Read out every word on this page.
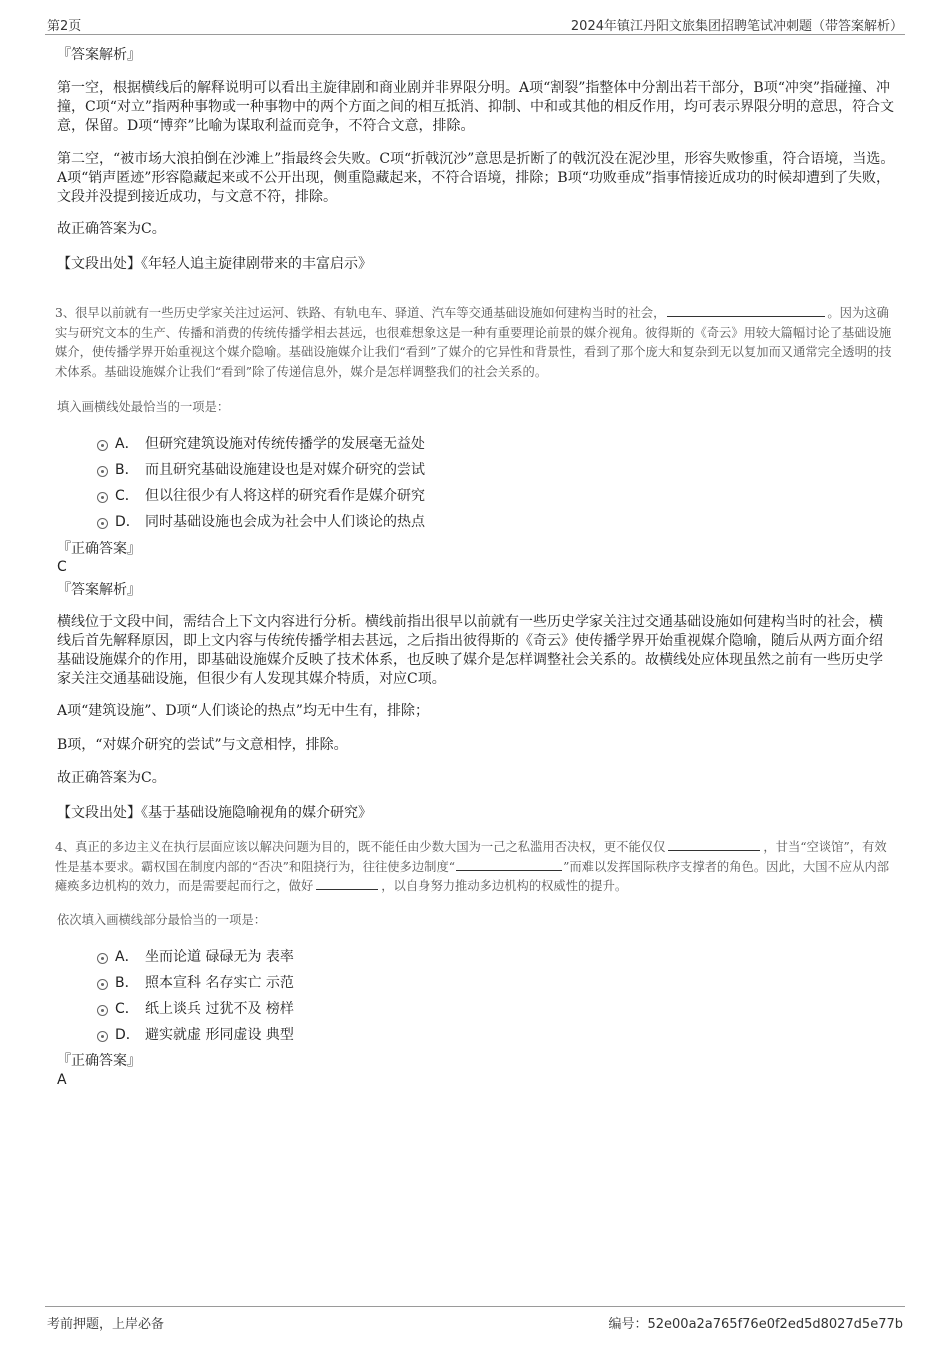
第2页	2024年镇江丹阳文旅集团招聘笔试冲刺题（带答案解析）
『答案解析』
第一空，根据横线后的解释说明可以看出主旋律剧和商业剧并非界限分明。A项“割裂”指整体中分割出若干部分，B项“冲突”指碰撞、冲撞，C项“对立”指两种事物或一种事物中的两个方面之间的相互抵消、抑制、中和或其他的相反作用，均可表示界限分明的意思，符合文意，保留。D项“博弈”比喻为谋取利益而竞争，不符合文意，排除。
第二空，“被市场大浪拍倒在沙滩上”指最终会失败。C项“折戟沉沙”意思是折断了的戟沉没在泥沙里，形容失败惨重，符合语境，当选。A项“销声匿迹”形容隐藏起来或不公开出现，侧重隐藏起来，不符合语境，排除；B项“功败垂成”指事情接近成功的时候却遭到了失败，文段并没提到接近成功，与文意不符，排除。
故正确答案为C。
【文段出处】《年轻人追主旋律剧带来的丰富启示》
3、很早以前就有一些历史学家关注过运河、铁路、有轨电车、驿道、汽车等交通基础设施如何建构当时的社会，	。因为这确实与研究文本的生产、传播和消费的传统传播学相去甚远，也很难想象这是一种有重要理论前景的媒介视角。彼得斯的《奇云》用较大篇幅讨论了基础设施媒介，使传播学界开始重视这个媒介隐喻。基础设施媒介让我们“看到”了媒介的它异性和背景性，看到了那个庞大和复杂到无以复加而又通常完全透明的技术体系。基础设施媒介让我们“看到”除了传递信息外，媒介是怎样调整我们的社会关系的。
填入画横线处最恰当的一项是：
A． 但研究建筑设施对传统传播学的发展毫无益处
B． 而且研究基础设施建设也是对媒介研究的尝试
C． 但以往很少有人将这样的研究看作是媒介研究
D． 同时基础设施也会成为社会中人们谈论的热点
『正确答案』
C
『答案解析』
横线位于文段中间，需结合上下文内容进行分析。横线前指出很早以前就有一些历史学家关注过交通基础设施如何建构当时的社会，横线后首先解释原因，即上文内容与传统传播学相去甚远，之后指出彼得斯的《奇云》使传播学界开始重视媒介隐喻，随后从两方面介绍基础设施媒介的作用，即基础设施媒介反映了技术体系，也反映了媒介是怎样调整社会关系的。故横线处应体现虽然之前有一些历史学家关注交通基础设施，但很少有人发现其媒介特质，对应C项。
A项“建筑设施”、D项“人们谈论的热点”均无中生有，排除；
B项，“对媒介研究的尝试”与文意相悖，排除。
故正确答案为C。
【文段出处】《基于基础设施隐喻视角的媒介研究》
4、真正的多边主义在执行层面应该以解决问题为目的，既不能任由少数大国为一己之私滥用否决权，更不能仅仅	，甘当“空谈馆”，有效性是基本要求。霸权国在制度内部的“否决”和阻挠行为，往往使多边制度“	”而难以发挥国际秩序支撑者的角色。因此，大国不应从内部瘫痪多边机构的效力，而是需要起而行之，做好	，以自身努力推动多边机构的权威性的提升。
依次填入画横线部分最恰当的一项是：
A． 坐而论道 碌碌无为 表率
B． 照本宣科 名存实亡 示范
C． 纸上谈兵 过犹不及 榜样
D． 避实就虚 形同虚设 典型
『正确答案』
A
考前押题，上岸必备	编号：52e00a2a765f76e0f2ed5d8027d5e77b
